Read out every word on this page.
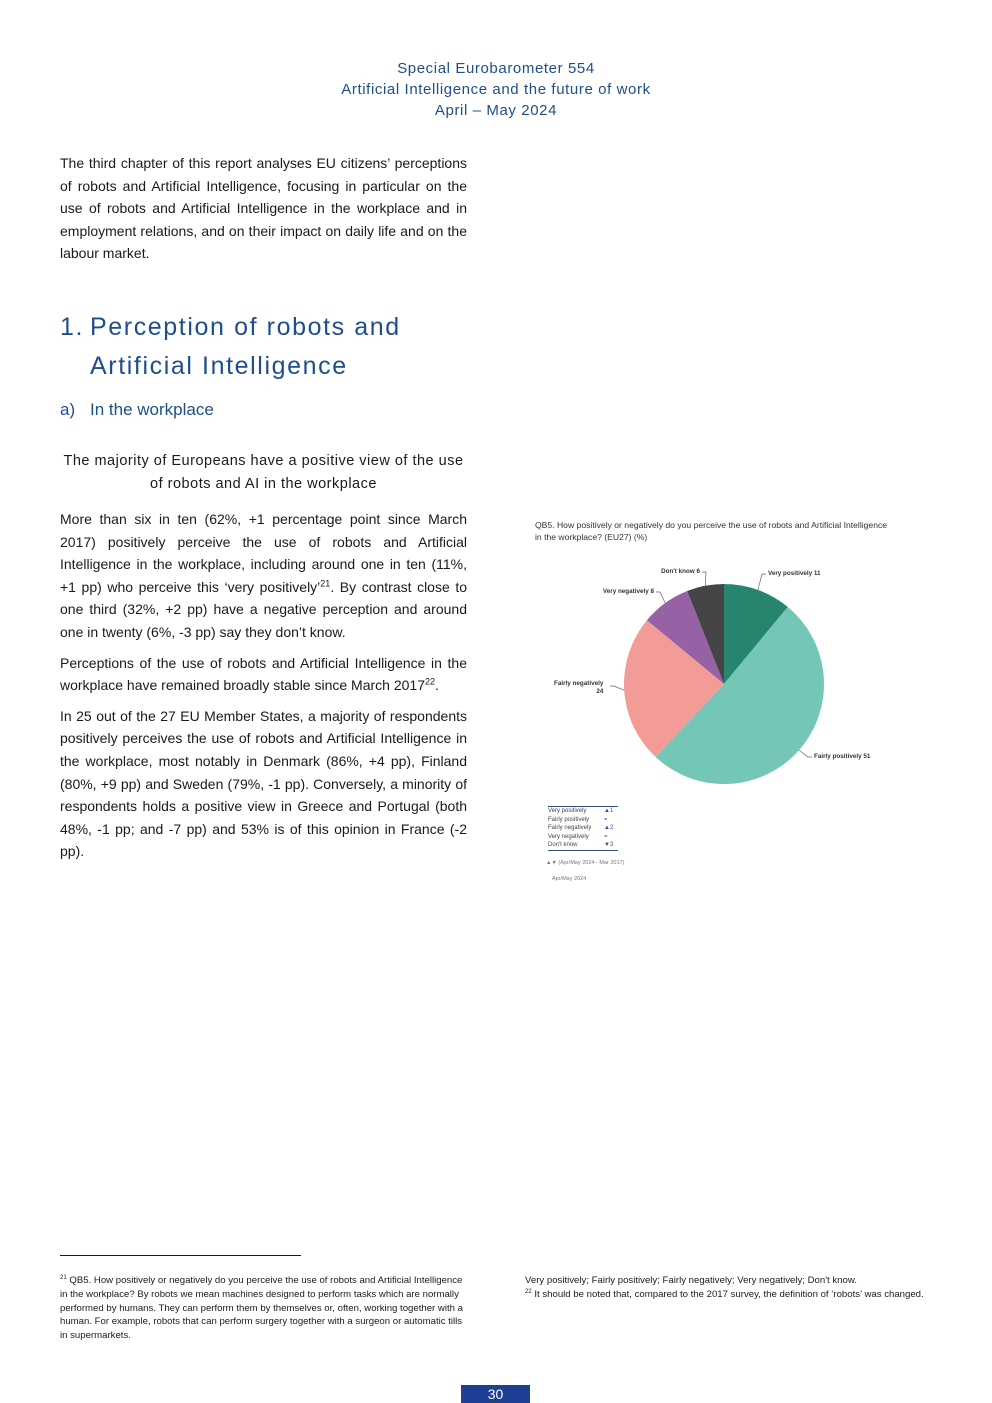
Special Eurobarometer 554
Artificial Intelligence and the future of work
April – May 2024

The third chapter of this report analyses EU citizens’ perceptions of robots and Artificial Intelligence, focusing in particular on the use of robots and Artificial Intelligence in the workplace and in employment relations, and on their impact on daily life and on the labour market.

1. Perception of robots and
Artificial Intelligence
a) In the workplace
The majority of Europeans have a positive view of the use of robots and AI in the workplace

More than six in ten (62%, +1 percentage point since March 2017) positively perceive the use of robots and Artificial Intelligence in the workplace, including around one in ten (11%, +1 pp) who perceive this ‘very positively’$^{21}$. By contrast close to one third (32%, +2 pp) have a negative perception and around one in twenty (6%, -3 pp) say they don’t know.

Perceptions of the use of robots and Artificial Intelligence in the workplace have remained broadly stable since March 2017$^{22}$.

In 25 out of the 27 EU Member States, a majority of respondents positively perceives the use of robots and Artificial Intelligence in the workplace, most notably in Denmark (86%, +4 pp), Finland (80%, +9 pp) and Sweden (79%, -1 pp). Conversely, a minority of respondents holds a positive view in Greece and Portugal (both 48%, -1 pp; and -7 pp) and 53% is of this opinion in France (-2 pp).

QB5. How positively or negatively do you perceive the use of robots and Artificial Intelligence in the workplace? (EU27) (%)
Very positively 11
Fairly positively 51
Fairly negatively
24
Very negatively 8
Don't know 6
Very positively	▲1
Fairly positively =
Fairly negatively ▲2
Very negatively	=
Don't know	▼3
▲▼ (Apr/May 2024 - Mar 2017)
Apr/May 2024
$^{21}$ QB5. How positively or negatively do you perceive the use of robots and Artificial Intelligence in the workplace? By robots we mean machines designed to perform tasks which are normally performed by humans. They can perform them by themselves or, often, working together with a human. For example, robots that can perform surgery together with a surgeon or automatic tills in supermarkets.
Very positively; Fairly positively; Fairly negatively; Very negatively; Don't know.
$^{22}$ It should be noted that, compared to the 2017 survey, the definition of ‘robots’ was changed.
30
